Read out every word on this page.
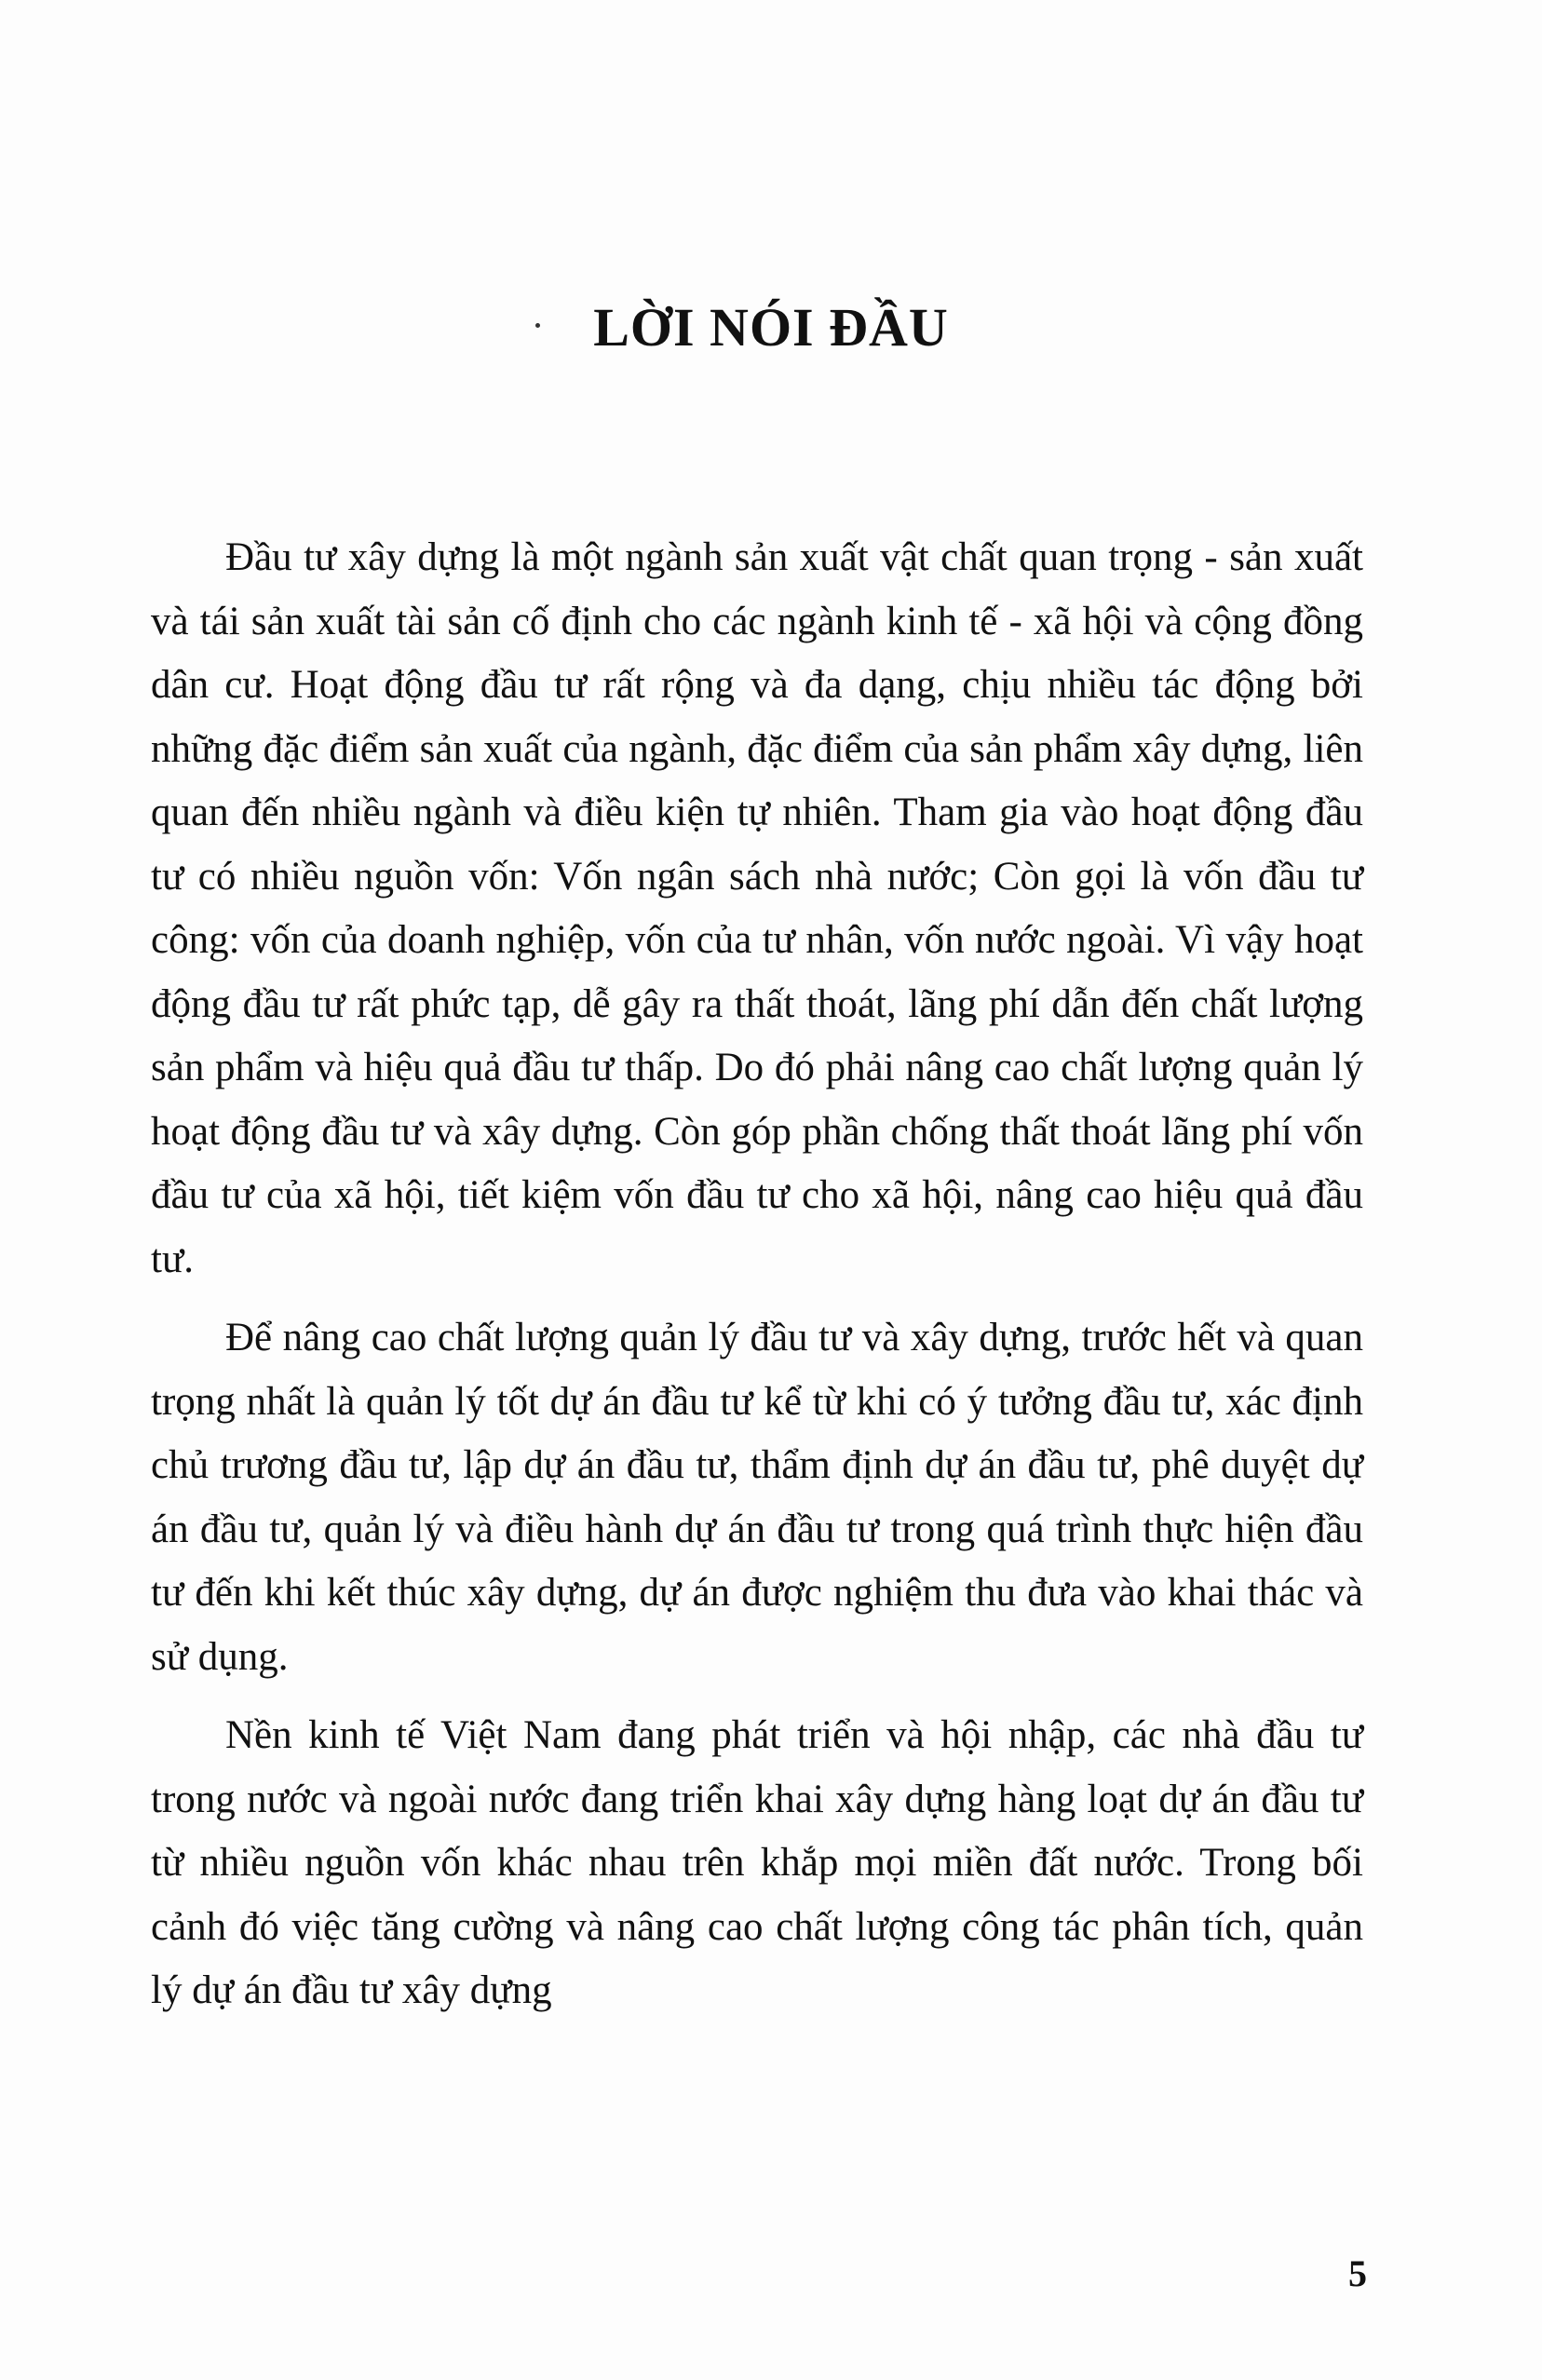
LỜI NÓI ĐẦU

Đầu tư xây dựng là một ngành sản xuất vật chất quan trọng - sản xuất và tái sản xuất tài sản cố định cho các ngành kinh tế - xã hội và cộng đồng dân cư. Hoạt động đầu tư rất rộng và đa dạng, chịu nhiều tác động bởi những đặc điểm sản xuất của ngành, đặc điểm của sản phẩm xây dựng, liên quan đến nhiều ngành và điều kiện tự nhiên. Tham gia vào hoạt động đầu tư có nhiều nguồn vốn: Vốn ngân sách nhà nước; Còn gọi là vốn đầu tư công: vốn của doanh nghiệp, vốn của tư nhân, vốn nước ngoài. Vì vậy hoạt động đầu tư rất phức tạp, dễ gây ra thất thoát, lãng phí dẫn đến chất lượng sản phẩm và hiệu quả đầu tư thấp. Do đó phải nâng cao chất lượng quản lý hoạt động đầu tư và xây dựng. Còn góp phần chống thất thoát lãng phí vốn đầu tư của xã hội, tiết kiệm vốn đầu tư cho xã hội, nâng cao hiệu quả đầu tư.

Để nâng cao chất lượng quản lý đầu tư và xây dựng, trước hết và quan trọng nhất là quản lý tốt dự án đầu tư kể từ khi có ý tưởng đầu tư, xác định chủ trương đầu tư, lập dự án đầu tư, thẩm định dự án đầu tư, phê duyệt dự án đầu tư, quản lý và điều hành dự án đầu tư trong quá trình thực hiện đầu tư đến khi kết thúc xây dựng, dự án được nghiệm thu đưa vào khai thác và sử dụng.

Nền kinh tế Việt Nam đang phát triển và hội nhập, các nhà đầu tư trong nước và ngoài nước đang triển khai xây dựng hàng loạt dự án đầu tư từ nhiều nguồn vốn khác nhau trên khắp mọi miền đất nước. Trong bối cảnh đó việc tăng cường và nâng cao chất lượng công tác phân tích, quản lý dự án đầu tư xây dựng

5
